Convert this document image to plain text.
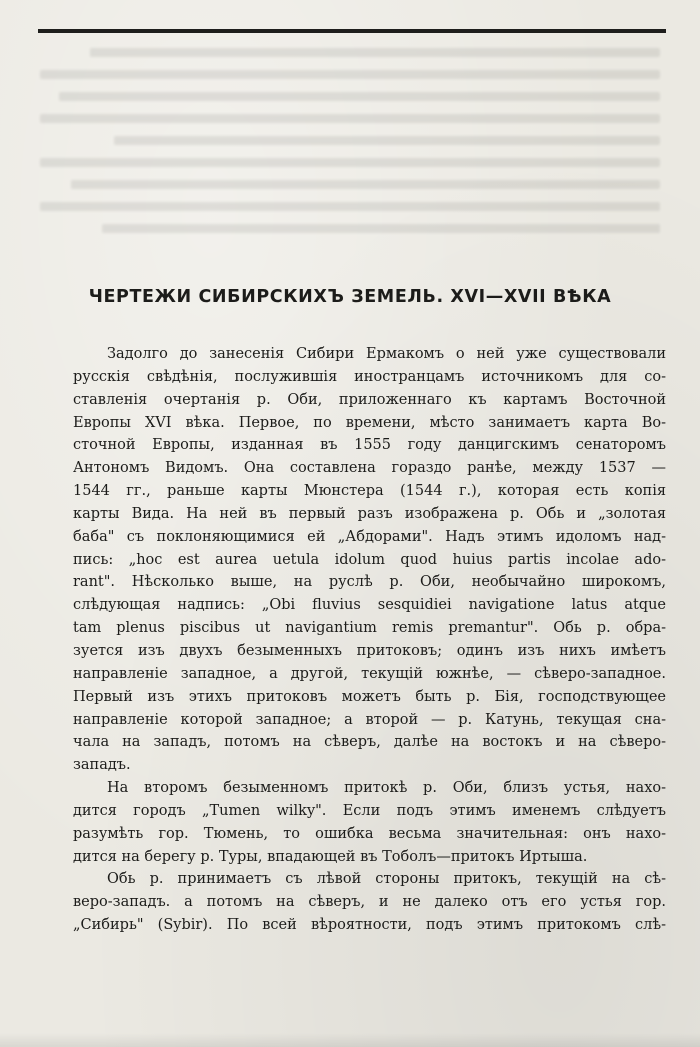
ЧЕРТЕЖИ СИБИРСКИХЪ ЗЕМЕЛЬ. XVI—XVII ВѢКА

Задолго до занесенія Сибири Ермакомъ о ней уже существовали
русскія свѣдѣнія, послужившія иностранцамъ источникомъ для со-
ставленія очертанія р. Оби, приложеннаго къ картамъ Восточной
Европы XVI вѣка. Первое, по времени, мѣсто занимаетъ карта Во-
сточной Европы, изданная въ 1555 году данцигскимъ сенаторомъ
Антономъ Видомъ. Она составлена гораздо ранѣе, между 1537 —
1544 гг., раньше карты Мюнстера (1544 г.), которая есть копія
карты Вида. На ней въ первый разъ изображена р. Обь и „золотая
баба" съ поклоняющимися ей „Абдорами". Надъ этимъ идоломъ над-
пись: „hoc est aurea uetula idolum quod huius partis incolae ado-
rant". Нѣсколько выше, на руслѣ р. Оби, необычайно широкомъ,
слѣдующая надпись: „Obi fluvius sesquidiei navigatione latus atque
tam plenus piscibus ut navigantium remis premantur". Обь р. обра-
зуется изъ двухъ безыменныхъ притоковъ; одинъ изъ нихъ имѣетъ
направленіе западное, а другой, текущій южнѣе, — сѣверо-западное.
Первый изъ этихъ притоковъ можетъ быть р. Бія, господствующее
направленіе которой западное; а второй — р. Катунь, текущая сна-
чала на западъ, потомъ на сѣверъ, далѣе на востокъ и на сѣверо-
западъ.

На второмъ безыменномъ притокѣ р. Оби, близъ устья, нахо-
дится городъ „Tumen wilky". Если подъ этимъ именемъ слѣдуетъ
разумѣть гор. Тюмень, то ошибка весьма значительная: онъ нахо-
дится на берегу р. Туры, впадающей въ Тоболъ—притокъ Иртыша.

Обь р. принимаетъ съ лѣвой стороны притокъ, текущій на сѣ-
веро-западъ. а потомъ на сѣверъ, и не далеко отъ его устья гор.
„Сибирь" (Sybir). По всей вѣроятности, подъ этимъ притокомъ слѣ-
